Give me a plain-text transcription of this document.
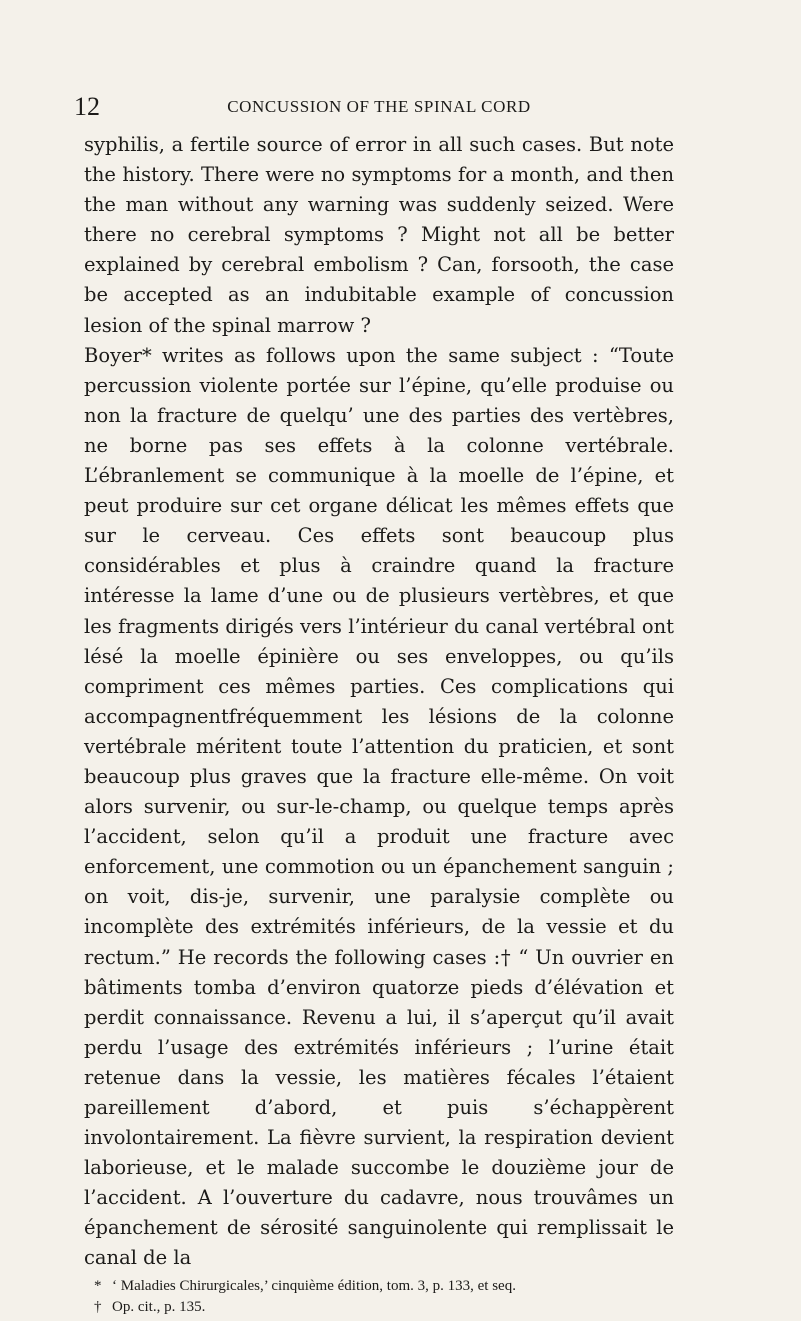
12	CONCUSSION OF THE SPINAL CORD

syphilis, a fertile source of error in all such cases. But note the history. There were no symptoms for a month, and then the man without any warning was suddenly seized. Were there no cerebral symptoms ? Might not all be better explained by cerebral embolism ? Can, forsooth, the case be accepted as an indubitable example of concussion lesion of the spinal marrow ?

Boyer* writes as follows upon the same subject : “Toute percussion violente portée sur l’épine, qu’elle produise ou non la fracture de quelqu’ une des parties des vertèbres, ne borne pas ses effets à la colonne vertébrale. L’ébranlement se communique à la moelle de l’épine, et peut produire sur cet organe délicat les mêmes effets que sur le cerveau. Ces effets sont beaucoup plus considérables et plus à craindre quand la fracture intéresse la lame d’une ou de plusieurs vertèbres, et que les fragments dirigés vers l’intérieur du canal vertébral ont lésé la moelle épinière ou ses enveloppes, ou qu’ils compriment ces mêmes parties. Ces complications qui accompagnentfréquemment les lésions de la colonne vertébrale méritent toute l’attention du praticien, et sont beaucoup plus graves que la fracture elle-même. On voit alors survenir, ou sur-le-champ, ou quelque temps après l’accident, selon qu’il a produit une fracture avec enforcement, une commotion ou un épanchement sanguin ; on voit, dis-je, survenir, une paralysie complète ou incomplète des extrémités inférieurs, de la vessie et du rectum.” He records the following cases :† “ Un ouvrier en bâtiments tomba d’environ quatorze pieds d’élévation et perdit connaissance. Revenu a lui, il s’aperçut qu’il avait perdu l’usage des extrémités inférieurs ; l’urine était retenue dans la vessie, les matières fécales l’étaient pareillement d’abord, et puis s’échappèrent involontairement. La fièvre survient, la respiration devient laborieuse, et le malade succombe le douzième jour de l’accident. A l’ouverture du cadavre, nous trouvâmes un épanchement de sérosité sanguinolente qui remplissait le canal de la

* ‘ Maladies Chirurgicales,’ cinquième édition, tom. 3, p. 133, et seq.
† Op. cit., p. 135.
